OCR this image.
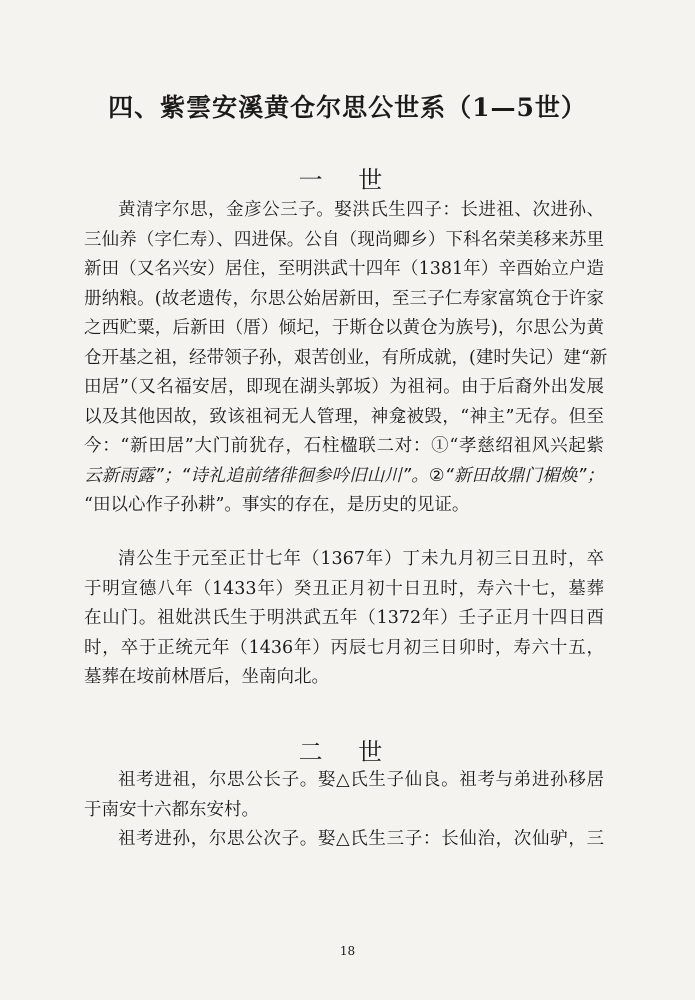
四、紫雲安溪黄仓尔思公世系（1—5世）
一 世
黄清字尔思，金彦公三子。娶洪氏生四子：长进祖、次进孙、
三仙养（字仁寿）、四进保。公自（现尚卿乡）下科名荣美移来苏里
新田（又名兴安）居住，至明洪武十四年（1381年）辛酉始立户造
册纳粮。(故老遗传，尔思公始居新田，至三子仁寿家富筑仓于许家
之西贮粟，后新田（厝）倾圮，于斯仓以黄仓为族号)，尔思公为黄
仓开基之祖，经带领子孙，艰苦创业，有所成就，(建时失记）建“新
田居”（又名福安居，即现在湖头郭坂）为祖祠。由于后裔外出发展
以及其他因故，致该祖祠无人管理，神龛被毁，“神主”无存。但至
今：“新田居”大门前犹存，石柱楹联二对：①“孝慈绍祖风兴起紫
云新雨露”；“诗礼追前绪徘徊参吟旧山川”。②“新田故鼎门楣焕”；
“田以心作子孙耕”。事实的存在，是历史的见证。
清公生于元至正廿七年（1367年）丁未九月初三日丑时，卒
于明宣德八年（1433年）癸丑正月初十日丑时，寿六十七，墓葬
在山门。祖妣洪氏生于明洪武五年（1372年）壬子正月十四日酉
时，卒于正统元年（1436年）丙辰七月初三日卯时，寿六十五，
墓葬在垵前林厝后，坐南向北。
二 世
祖考进祖，尔思公长子。娶△氏生子仙良。祖考与弟进孙移居
于南安十六都东安村。
祖考进孙，尔思公次子。娶△氏生三子：长仙治，次仙驴，三
18
